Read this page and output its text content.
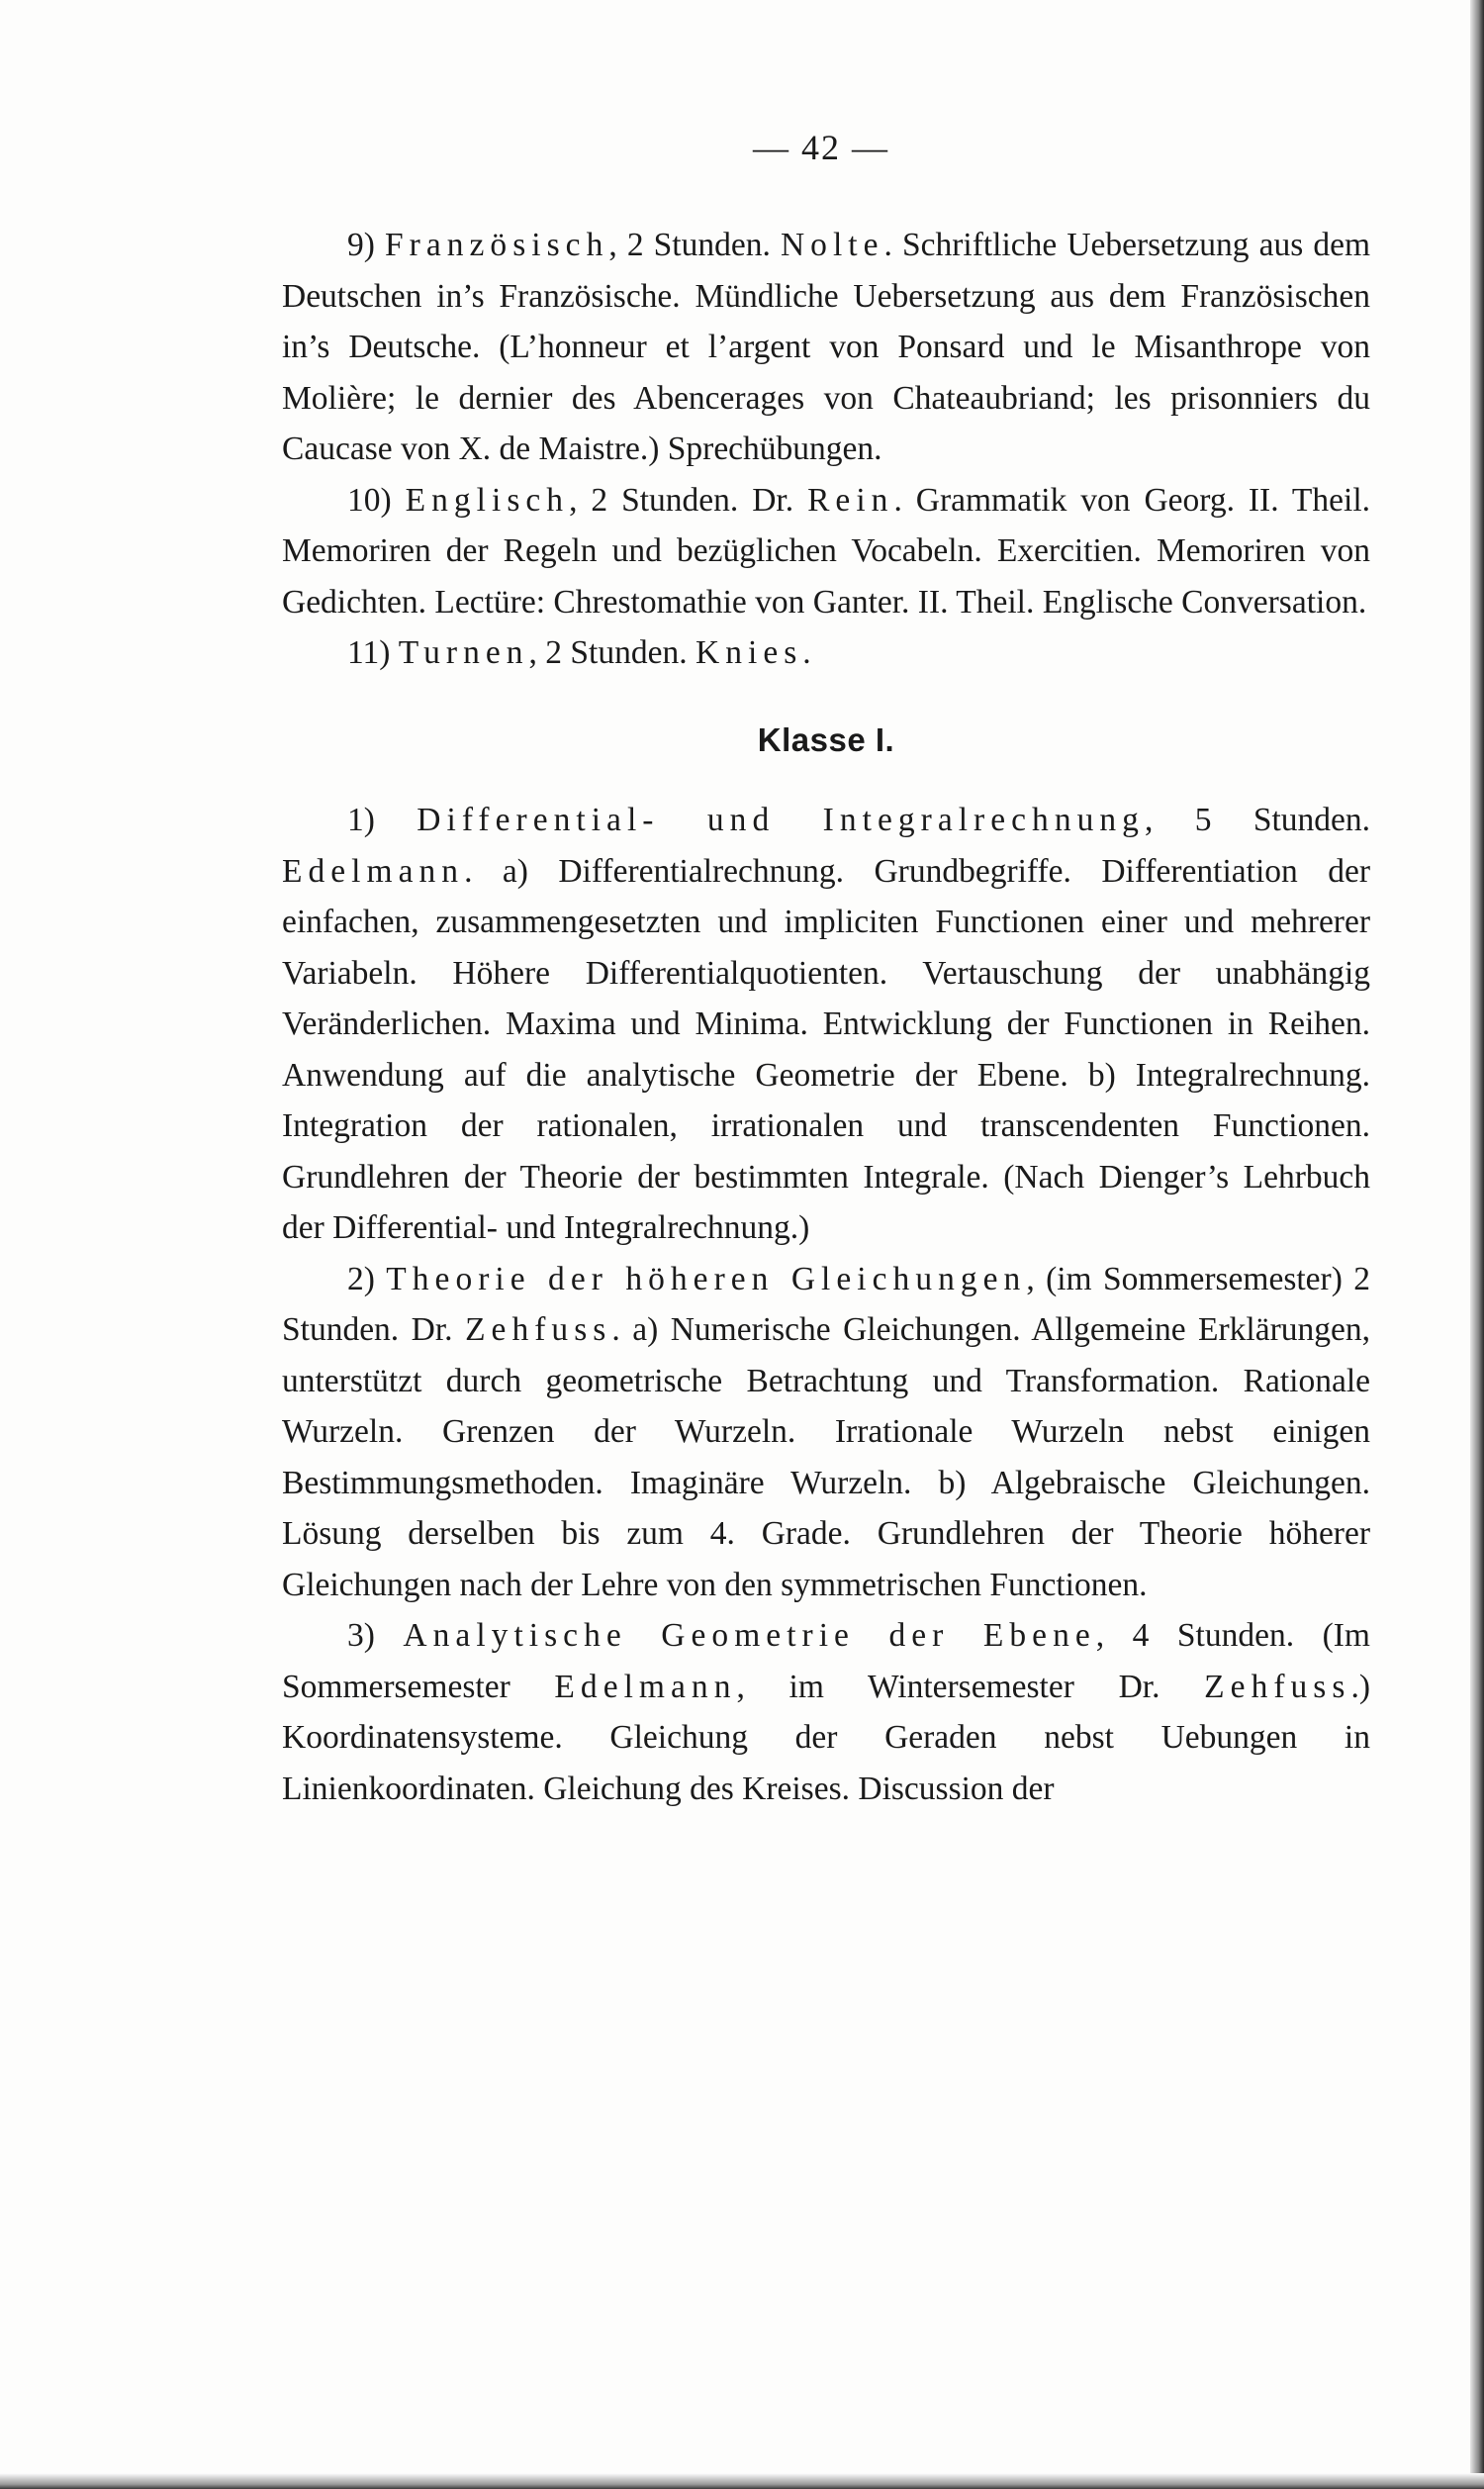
— 42 —

9) Französisch, 2 Stunden. Nolte. Schriftliche Uebersetzung aus dem Deutschen in’s Französische. Mündliche Uebersetzung aus dem Französischen in’s Deutsche. (L’honneur et l’argent von Ponsard und le Misanthrope von Molière; le dernier des Abencerages von Chateaubriand; les prisonniers du Caucase von X. de Maistre.) Sprechübungen.

10) Englisch, 2 Stunden. Dr. Rein. Grammatik von Georg. II. Theil. Memoriren der Regeln und bezüglichen Vocabeln. Exercitien. Memoriren von Gedichten. Lectüre: Chrestomathie von Ganter. II. Theil. Englische Conversation.

11) Turnen, 2 Stunden. Knies.

Klasse I.

1) Differential- und Integralrechnung, 5 Stunden. Edelmann. a) Differentialrechnung. Grundbegriffe. Differentiation der einfachen, zusammengesetzten und impliciten Functionen einer und mehrerer Variabeln. Höhere Differentialquotienten. Vertauschung der unabhängig Veränderlichen. Maxima und Minima. Entwicklung der Functionen in Reihen. Anwendung auf die analytische Geometrie der Ebene. b) Integralrechnung. Integration der rationalen, irrationalen und transcendenten Functionen. Grundlehren der Theorie der bestimmten Integrale. (Nach Dienger’s Lehrbuch der Differential- und Integralrechnung.)

2) Theorie der höheren Gleichungen, (im Sommersemester) 2 Stunden. Dr. Zehfuss. a) Numerische Gleichungen. Allgemeine Erklärungen, unterstützt durch geometrische Betrachtung und Transformation. Rationale Wurzeln. Grenzen der Wurzeln. Irrationale Wurzeln nebst einigen Bestimmungsmethoden. Imaginäre Wurzeln. b) Algebraische Gleichungen. Lösung derselben bis zum 4. Grade. Grundlehren der Theorie höherer Gleichungen nach der Lehre von den symmetrischen Functionen.

3) Analytische Geometrie der Ebene, 4 Stunden. (Im Sommersemester Edelmann, im Wintersemester Dr. Zehfuss.) Koordinatensysteme. Gleichung der Geraden nebst Uebungen in Linienkoordinaten. Gleichung des Kreises. Discussion der
